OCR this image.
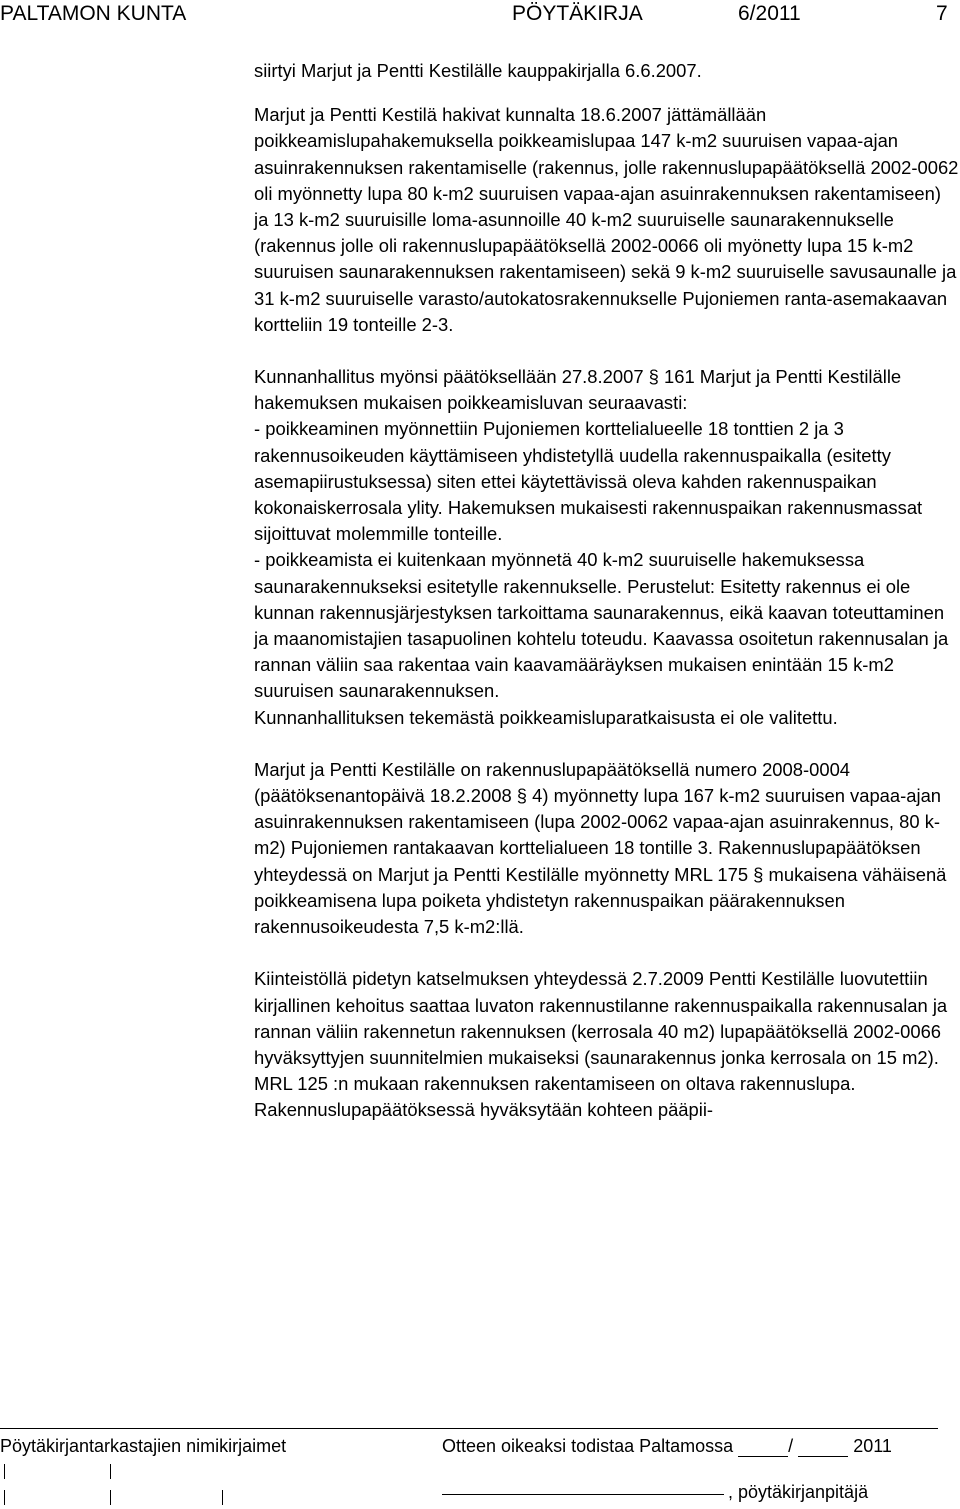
PALTAMON KUNTA	PÖYTÄKIRJA	6/2011	7

siirtyi Marjut ja Pentti Kestilälle kauppakirjalla 6.6.2007.

Marjut ja Pentti Kestilä hakivat kunnalta 18.6.2007 jättämällään poikkeamislupahakemuksella poikkeamislupaa 147 k-m2 suuruisen vapaa-ajan asuinrakennuksen rakentamiselle (rakennus, jolle rakennuslupapäätöksellä 2002-0062 oli myönnetty lupa 80 k-m2 suuruisen vapaa-ajan asuinrakennuksen rakentamiseen) ja 13 k-m2 suuruisille loma-asunnoille 40 k-m2 suuruiselle saunarakennukselle (rakennus jolle oli rakennuslupapäätöksellä 2002-0066 oli myönetty lupa 15 k-m2 suuruisen saunarakennuksen rakentamiseen) sekä 9 k-m2 suuruiselle savusaunalle ja 31 k-m2 suuruiselle varasto/autokatosrakennukselle Pujoniemen ranta-asemakaavan kortteliin 19 tonteille 2-3.

Kunnanhallitus myönsi päätöksellään 27.8.2007 § 161 Marjut ja Pentti Kestilälle hakemuksen mukaisen poikkeamisluvan seuraavasti:

- poikkeaminen myönnettiin Pujoniemen korttelialueelle 18 tonttien 2 ja 3 rakennusoikeuden käyttämiseen yhdistetyllä uudella rakennuspaikalla (esitetty asemapiirustuksessa) siten ettei käytettävissä oleva kahden rakennuspaikan kokonaiskerrosala ylity. Hakemuksen mukaisesti rakennuspaikan rakennusmassat sijoittuvat molemmille tonteille.

- poikkeamista ei kuitenkaan myönnetä 40 k-m2 suuruiselle hakemuksessa saunarakennukseksi esitetylle rakennukselle. Perustelut: Esitetty rakennus ei ole kunnan rakennusjärjestyksen tarkoittama saunarakennus, eikä kaavan toteuttaminen ja maanomistajien tasapuolinen kohtelu toteudu. Kaavassa osoitetun rakennusalan ja rannan väliin saa rakentaa vain kaavamääräyksen mukaisen enintään 15 k-m2 suuruisen saunarakennuksen.

Kunnanhallituksen tekemästä poikkeamisluparatkaisusta ei ole valitettu.

Marjut ja Pentti Kestilälle on rakennuslupapäätöksellä numero 2008-0004 (päätöksenantopäivä 18.2.2008 § 4) myönnetty lupa 167 k-m2 suuruisen vapaa-ajan asuinrakennuksen rakentamiseen (lupa 2002-0062 vapaa-ajan asuinrakennus, 80 k-m2) Pujoniemen rantakaavan korttelialueen 18 tontille 3. Rakennuslupapäätöksen yhteydessä on Marjut ja Pentti Kestilälle myönnetty MRL 175 § mukaisena vähäisenä poikkeamisena lupa poiketa yhdistetyn rakennuspaikan päärakennuksen rakennusoikeudesta 7,5 k-m2:llä.

Kiinteistöllä pidetyn katselmuksen yhteydessä 2.7.2009 Pentti Kestilälle luovutettiin kirjallinen kehoitus saattaa luvaton rakennustilanne rakennuspaikalla rakennusalan ja rannan väliin rakennetun rakennuksen (kerrosala 40 m2) lupapäätöksellä 2002-0066 hyväksyttyjen suunnitelmien mukaiseksi (saunarakennus jonka kerrosala on 15 m2).

MRL 125 :n mukaan rakennuksen rakentamiseen on oltava rakennuslupa. Rakennuslupapäätöksessä hyväksytään kohteen pääpii-

Pöytäkirjantarkastajien nimikirjaimet	Otteen oikeaksi todistaa Paltamossa	/	2011
, pöytäkirjanpitäjä
